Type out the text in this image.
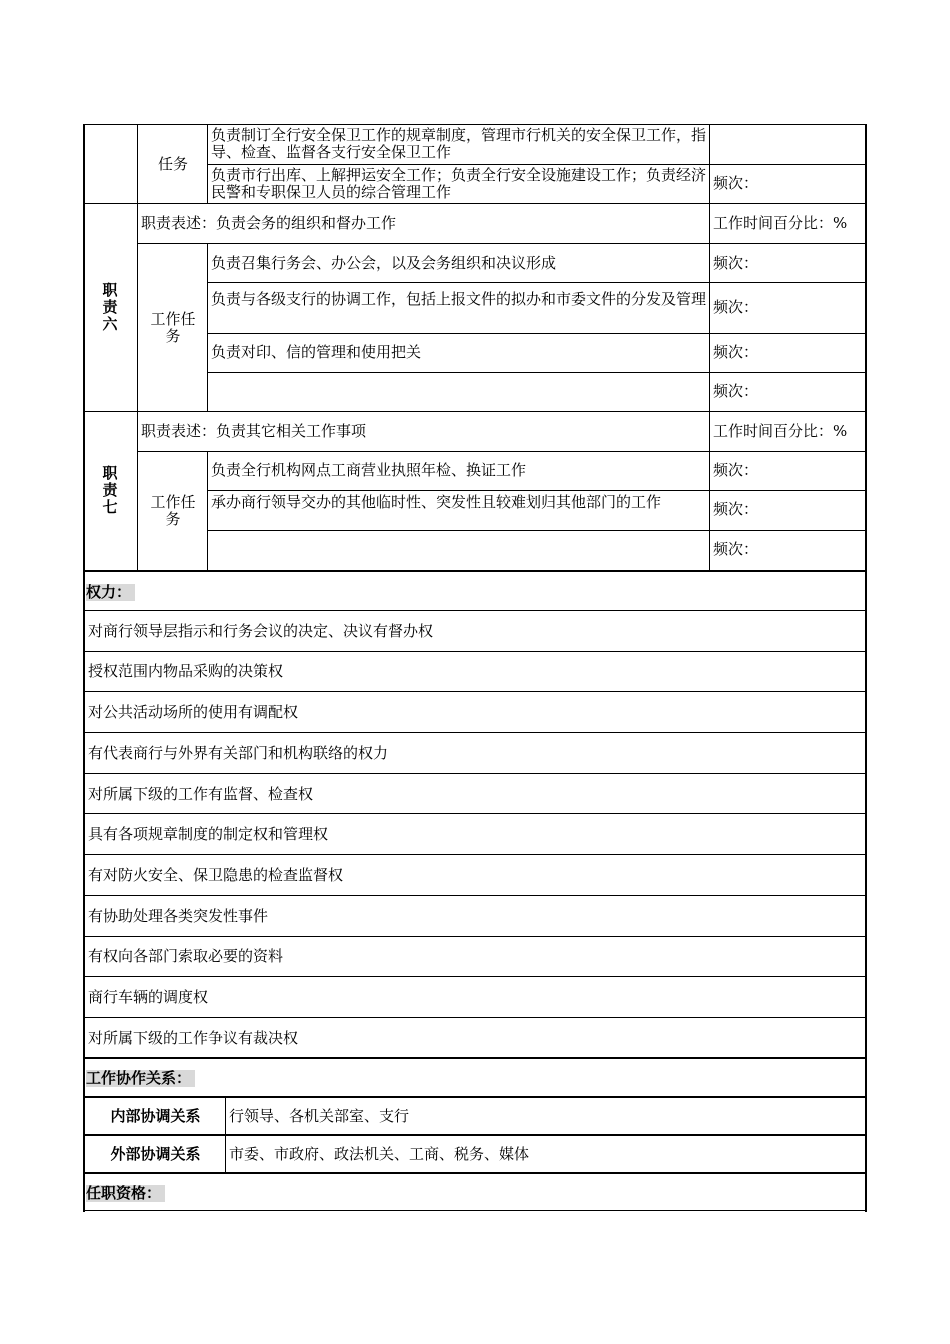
任务
负责制订全行安全保卫工作的规章制度，管理市行机关的安全保卫工作，指导、检查、监督各支行安全保卫工作
负责市行出库、上解押运安全工作；负责全行安全设施建设工作；负责经济民警和专职保卫人员的综合管理工作	频次：
职责六
职责表述：负责会务的组织和督办工作	工作时间百分比：%
工作任务
负责召集行务会、办公会，以及会务组织和决议形成	频次：
负责与各级支行的协调工作，包括上报文件的拟办和市委文件的分发及管理 频次：
负责对印、信的管理和使用把关	频次：
频次：
职责七
职责表述：负责其它相关工作事项	工作时间百分比：%
工作任务
负责全行机构网点工商营业执照年检、换证工作	频次：
承办商行领导交办的其他临时性、突发性且较难划归其他部门的工作	频次：
频次：
权力：
对商行领导层指示和行务会议的决定、决议有督办权
授权范围内物品采购的决策权
对公共活动场所的使用有调配权
有代表商行与外界有关部门和机构联络的权力
对所属下级的工作有监督、检查权
具有各项规章制度的制定权和管理权
有对防火安全、保卫隐患的检查监督权
有协助处理各类突发性事件
有权向各部门索取必要的资料
商行车辆的调度权
对所属下级的工作争议有裁决权
工作协作关系：
内部协调关系	行领导、各机关部室、支行
外部协调关系	市委、市政府、政法机关、工商、税务、媒体
任职资格：
